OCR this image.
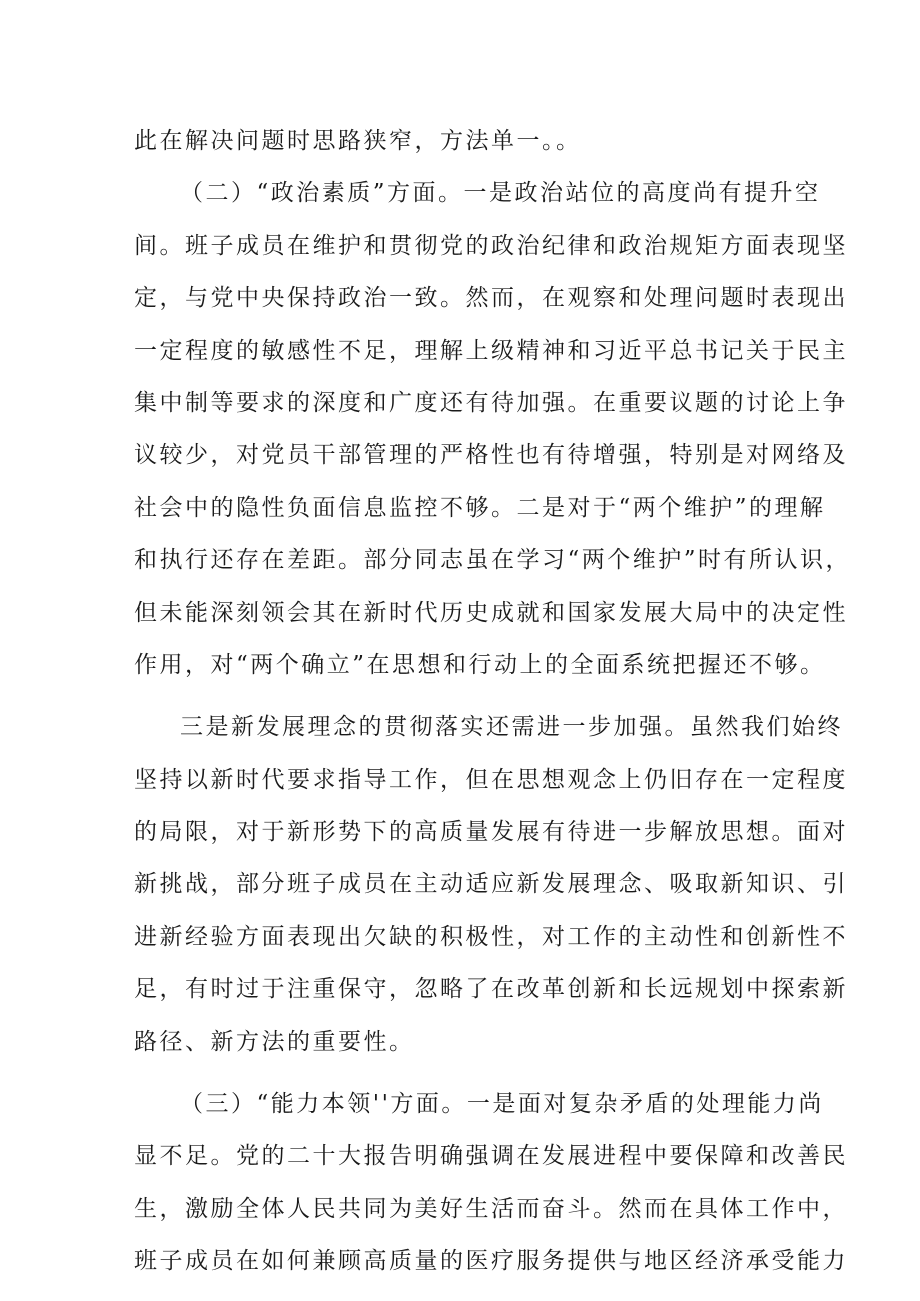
此在解决问题时思路狭窄，方法单一。。
（二）“政治素质”方面。一是政治站位的高度尚有提升空
间。班子成员在维护和贯彻党的政治纪律和政治规矩方面表现坚
定，与党中央保持政治一致。然而，在观察和处理问题时表现出
一定程度的敏感性不足，理解上级精神和习近平总书记关于民主
集中制等要求的深度和广度还有待加强。在重要议题的讨论上争
议较少，对党员干部管理的严格性也有待增强，特别是对网络及
社会中的隐性负面信息监控不够。二是对于“两个维护”的理解
和执行还存在差距。部分同志虽在学习“两个维护”时有所认识，
但未能深刻领会其在新时代历史成就和国家发展大局中的决定性
作用，对“两个确立”在思想和行动上的全面系统把握还不够。
三是新发展理念的贯彻落实还需进一步加强。虽然我们始终
坚持以新时代要求指导工作，但在思想观念上仍旧存在一定程度
的局限，对于新形势下的高质量发展有待进一步解放思想。面对
新挑战，部分班子成员在主动适应新发展理念、吸取新知识、引
进新经验方面表现出欠缺的积极性，对工作的主动性和创新性不
足，有时过于注重保守，忽略了在改革创新和长远规划中探索新
路径、新方法的重要性。
（三）“能力本领''方面。一是面对复杂矛盾的处理能力尚
显不足。党的二十大报告明确强调在发展进程中要保障和改善民
生，激励全体人民共同为美好生活而奋斗。然而在具体工作中，
班子成员在如何兼顾高质量的医疗服务提供与地区经济承受能力
